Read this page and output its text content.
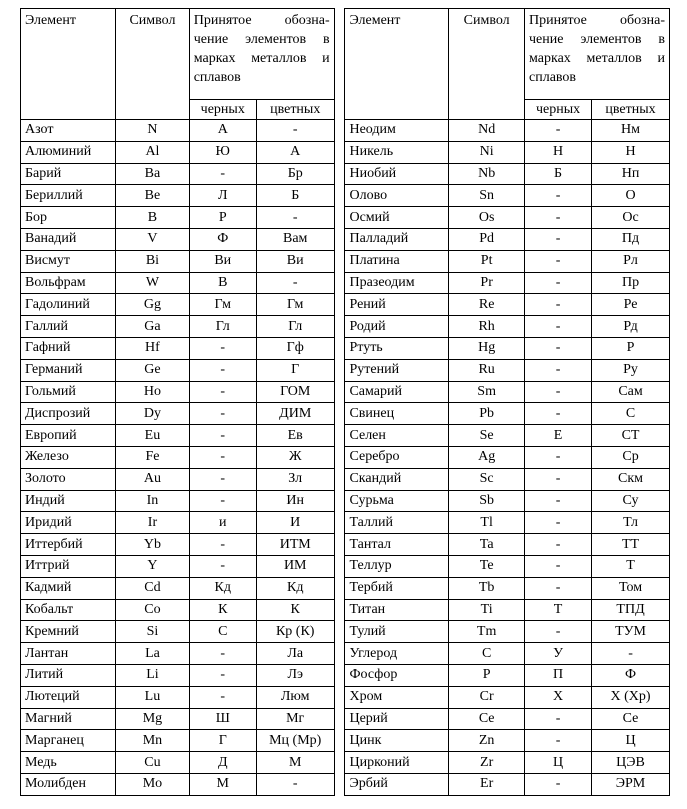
Элемент	Символ	Принятое обозна-чение элементов в марках металлов и сплавов			Элемент	Символ	Принятое обозна-чение элементов в марках металлов и сплавов	
		черных	цветных				черных	цветных
Азот	N	А	-		Неодим	Nd	-	Нм
Алюминий	Al	Ю	А		Никель	Ni	Н	Н
Барий	Ba	-	Бр		Ниобий	Nb	Б	Нп
Бериллий	Be	Л	Б		Олово	Sn	-	О
Бор	B	Р	-		Осмий	Os	-	Ос
Ванадий	V	Ф	Вам		Палладий	Pd	-	Пд
Висмут	Bi	Ви	Ви		Платина	Pt	-	Рл
Вольфрам	W	В	-		Празеодим	Pr	-	Пр
Гадолиний	Gg	Гм	Гм		Рений	Re	-	Ре
Галлий	Ga	Гл	Гл		Родий	Rh	-	Рд
Гафний	Hf	-	Гф		Ртуть	Hg	-	Р
Германий	Ge	-	Г		Рутений	Ru	-	Ру
Гольмий	Ho	-	ГОМ		Самарий	Sm	-	Сам
Диспрозий	Dy	-	ДИМ		Свинец	Pb	-	С
Европий	Eu	-	Ев		Селен	Se	Е	СТ
Железо	Fe	-	Ж		Серебро	Ag	-	Ср
Золото	Au	-	Зл		Скандий	Sc	-	Скм
Индий	In	-	Ин		Сурьма	Sb	-	Су
Иридий	Ir	и	И		Таллий	Tl	-	Тл
Иттербий	Yb	-	ИТМ		Тантал	Ta	-	ТТ
Иттрий	Y	-	ИМ		Теллур	Te	-	Т
Кадмий	Cd	Кд	Кд		Тербий	Tb	-	Том
Кобальт	Co	К	К		Титан	Ti	Т	ТПД
Кремний	Si	С	Кр (К)		Тулий	Tm	-	ТУМ
Лантан	La	-	Ла		Углерод	C	У	-
Литий	Li	-	Лэ		Фосфор	P	П	Ф
Лютеций	Lu	-	Люм		Хром	Cr	Х	Х (Хр)
Магний	Mg	Ш	Мг		Церий	Ce	-	Се
Марганец	Mn	Г	Мц (Мр)		Цинк	Zn	-	Ц
Медь	Cu	Д	М		Цирконий	Zr	Ц	ЦЭВ
Молибден	Mo	М	-		Эрбий	Er	-	ЭРМ
